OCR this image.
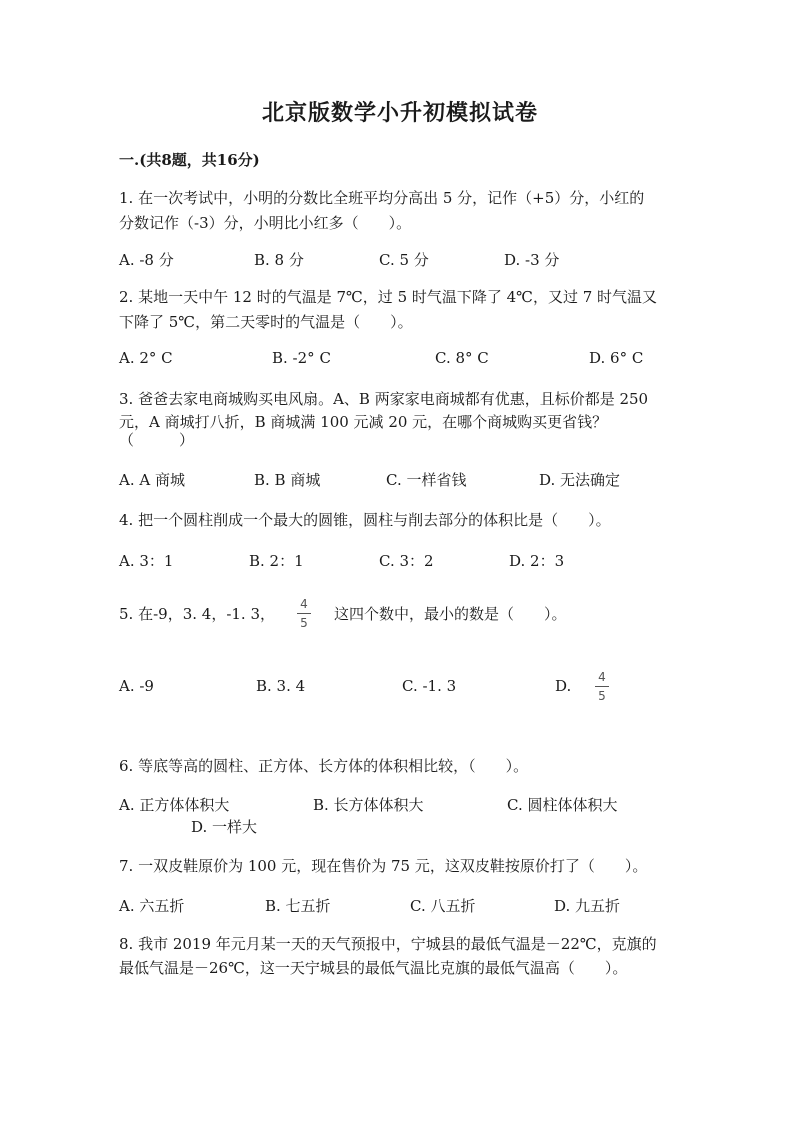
北京版数学小升初模拟试卷
一.(共8题，共16分)
1. 在一次考试中，小明的分数比全班平均分高出 5 分，记作（+5）分，小红的
分数记作（-3）分，小明比小红多（　　）。
A. -8 分	B. 8 分	C. 5 分	D. -3 分
2. 某地一天中午 12 时的气温是 7℃，过 5 时气温下降了 4℃，又过 7 时气温又
下降了 5℃，第二天零时的气温是（　　）。
A. 2° C	B. -2° C	C. 8° C	D. 6° C
3. 爸爸去家电商城购买电风扇。A、B 两家家电商城都有优惠，且标价都是 250
元，A 商城打八折，B 商城满 100 元减 20 元，在哪个商城购买更省钱？
（　　　）
A. A 商城	B. B 商城	C. 一样省钱	D. 无法确定
4. 把一个圆柱削成一个最大的圆锥，圆柱与削去部分的体积比是（　　）。
A. 3：1	B. 2：1	C. 3：2	D. 2：3
5. 在-9，3. 4，-1. 3，
4
5 这四个数中，最小的数是（　　）。
A. -9	B. 3. 4	C. -1. 3	D. 4
5
6. 等底等高的圆柱、正方体、长方体的体积相比较，（　　）。
A. 正方体体积大	B. 长方体体积大	C. 圆柱体体积大
D. 一样大
7. 一双皮鞋原价为 100 元，现在售价为 75 元，这双皮鞋按原价打了（　　）。
A. 六五折	B. 七五折	C. 八五折	D. 九五折
8. 我市 2019 年元月某一天的天气预报中，宁城县的最低气温是－22℃，克旗的
最低气温是－26℃，这一天宁城县的最低气温比克旗的最低气温高（　　）。
